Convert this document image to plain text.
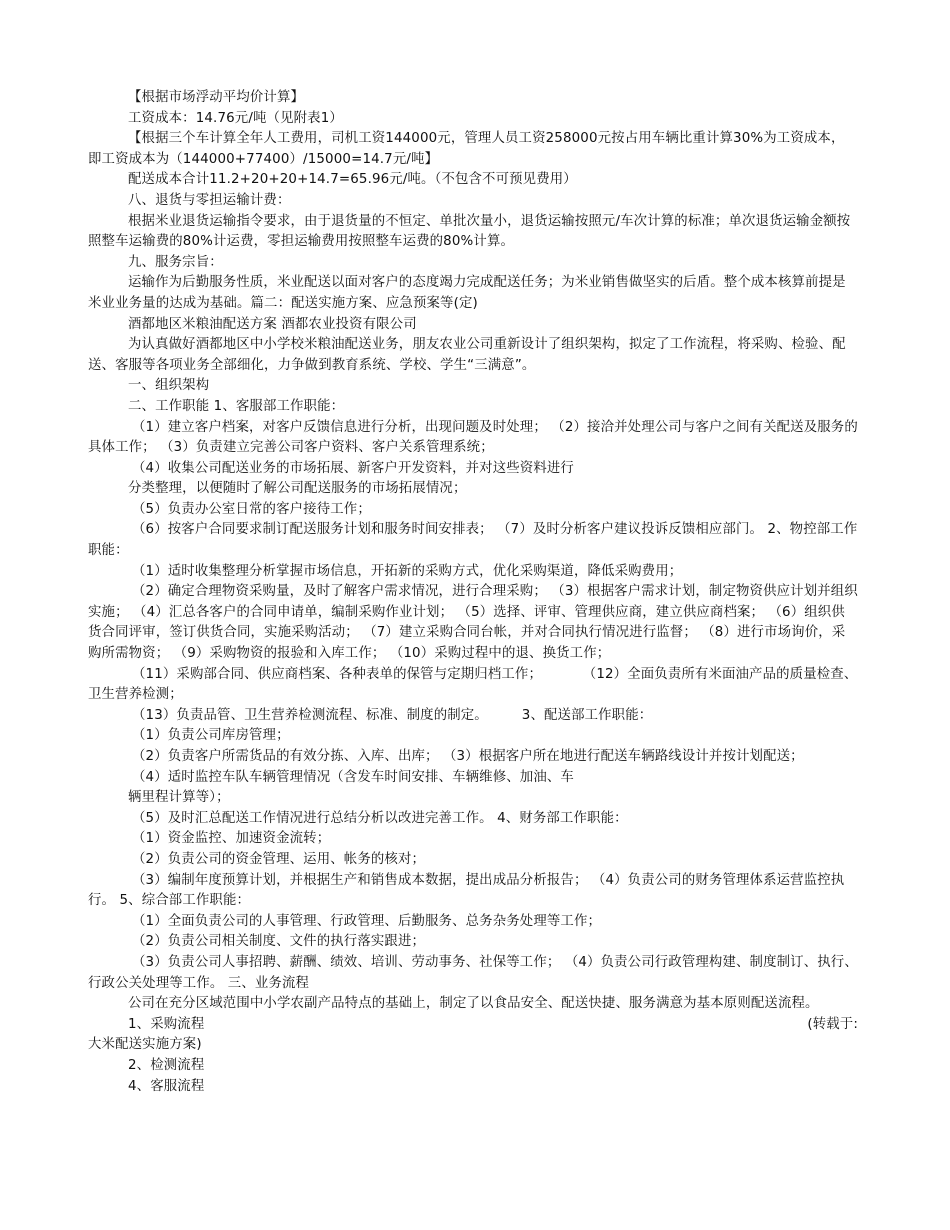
【根据市场浮动平均价计算】

工资成本：14.76元/吨（见附表1）

【根据三个车计算全年人工费用，司机工资144000元，管理人员工资258000元按占用车辆比重计算30%为工资成本，即工资成本为（144000+77400）/15000=14.7元/吨】

配送成本合计11.2+20+20+14.7=65.96元/吨。（不包含不可预见费用）

八、退货与零担运输计费：

根据米业退货运输指令要求，由于退货量的不恒定、单批次量小，退货运输按照元/车次计算的标准；单次退货运输金额按照整车运输费的80%计运费，零担运输费用按照整车运费的80%计算。

九、服务宗旨：

运输作为后勤服务性质，米业配送以面对客户的态度竭力完成配送任务；为米业销售做坚实的后盾。整个成本核算前提是米业业务量的达成为基础。篇二：配送实施方案、应急预案等(定)

酒都地区米粮油配送方案 酒都农业投资有限公司

为认真做好酒都地区中小学校米粮油配送业务，朋友农业公司重新设计了组织架构，拟定了工作流程，将采购、检验、配送、客服等各项业务全部细化，力争做到教育系统、学校、学生“三满意”。

一、组织架构

二、工作职能 1、客服部工作职能：

（1）建立客户档案，对客户反馈信息进行分析，出现问题及时处理； （2）接洽并处理公司与客户之间有关配送及服务的具体工作； （3）负责建立完善公司客户资料、客户关系管理系统；

（4）收集公司配送业务的市场拓展、新客户开发资料，并对这些资料进行

分类整理，以便随时了解公司配送服务的市场拓展情况；

（5）负责办公室日常的客户接待工作；

（6）按客户合同要求制订配送服务计划和服务时间安排表； （7）及时分析客户建议投诉反馈相应部门。 2、物控部工作职能：

（1）适时收集整理分析掌握市场信息，开拓新的采购方式，优化采购渠道，降低采购费用；

（2）确定合理物资采购量，及时了解客户需求情况，进行合理采购； （3）根据客户需求计划，制定物资供应计划并组织实施； （4）汇总各客户的合同申请单，编制采购作业计划； （5）选择、评审、管理供应商，建立供应商档案； （6）组织供货合同评审，签订供货合同，实施采购活动； （7）建立采购合同台帐，并对合同执行情况进行监督； （8）进行市场询价，采购所需物资； （9）采购物资的报验和入库工作； （10）采购过程中的退、换货工作；

（11）采购部合同、供应商档案、各种表单的保管与定期归档工作；　　　　（12）全面负责所有米面油产品的质量检查、卫生营养检测；

（13）负责品管、卫生营养检测流程、标准、制度的制定。　　　3、配送部工作职能：

（1）负责公司库房管理；

（2）负责客户所需货品的有效分拣、入库、出库； （3）根据客户所在地进行配送车辆路线设计并按计划配送；

（4）适时监控车队车辆管理情况（含发车时间安排、车辆维修、加油、车

辆里程计算等）；

（5）及时汇总配送工作情况进行总结分析以改进完善工作。 4、财务部工作职能：

（1）资金监控、加速资金流转；

（2）负责公司的资金管理、运用、帐务的核对；

（3）编制年度预算计划，并根据生产和销售成本数据，提出成品分析报告； （4）负责公司的财务管理体系运营监控执行。 5、综合部工作职能：

（1）全面负责公司的人事管理、行政管理、后勤服务、总务杂务处理等工作；

（2）负责公司相关制度、文件的执行落实跟进；

（3）负责公司人事招聘、薪酬、绩效、培训、劳动事务、社保等工作； （4）负责公司行政管理构建、制度制订、执行、行政公关处理等工作。 三、业务流程

公司在充分区域范围中小学农副产品特点的基础上，制定了以食品安全、配送快捷、服务满意为基本原则配送流程。

1、采购流程	(转载于:

大米配送实施方案)

2、检测流程

4、客服流程
